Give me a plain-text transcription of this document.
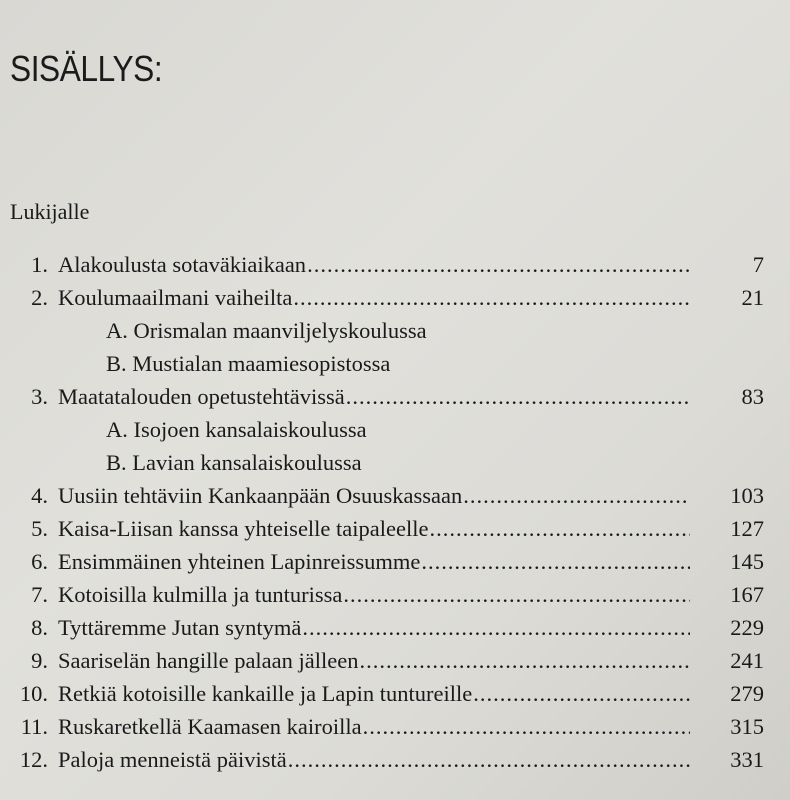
SISÄLLYS:
Lukijalle
1. Alakoulusta sotaväkiaikaan .....	7
2. Koulumaailmani vaiheilta .....	21
A. Orismalan maanviljelyskoulussa
B. Mustialan maamiesopistossa
3. Maatatalouden opetustehtävissä .....	83
A. Isojoen kansalaiskoulussa
B. Lavian kansalaiskoulussa
4. Uusiin tehtäviin Kankaanpään Osuuskassaan .....	103
5. Kaisa-Liisan kanssa yhteiselle taipaleelle .....	127
6. Ensimmäinen yhteinen Lapinreissumme .....	145
7. Kotoisilla kulmilla ja tunturissa .....	167
8. Tyttäremme Jutan syntymä .....	229
9. Saariselän hangille palaan jälleen .....	241
10. Retkiä kotoisille kankaille ja Lapin tuntureille .....	279
11. Ruskaretkellä Kaamasen kairoilla .....	315
12. Paloja menneistä päivistä .....	331
